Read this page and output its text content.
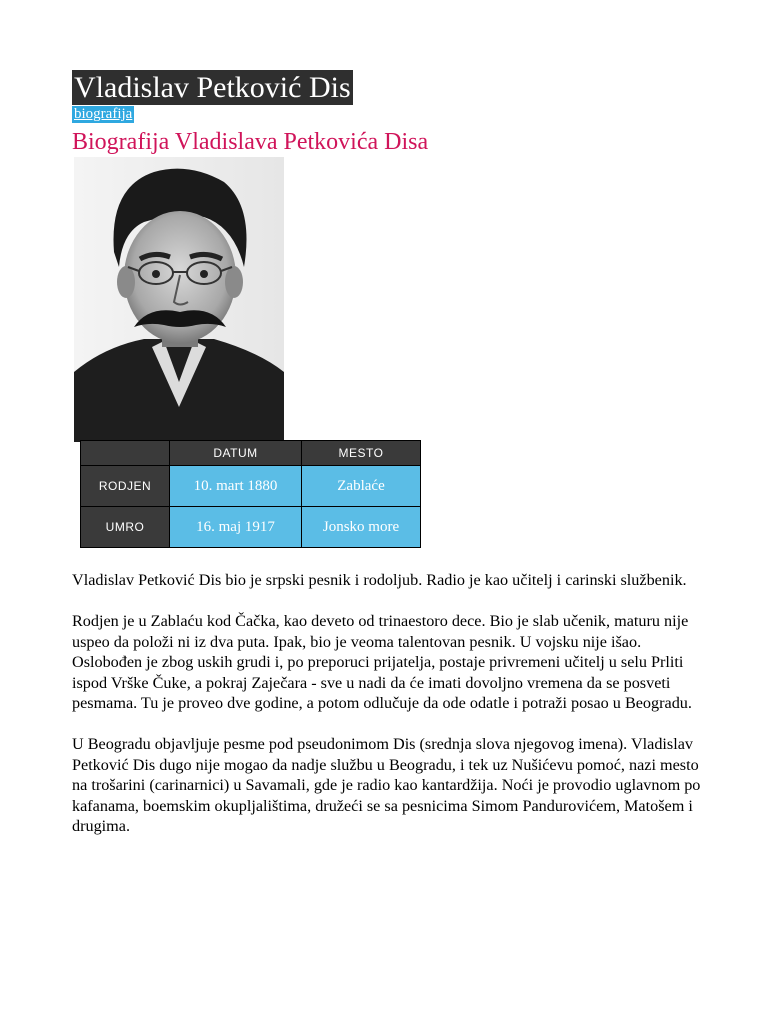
Vladislav Petković Dis
biografija
Biografija Vladislava Petkovića Disa
	DATUM	MESTO
RODJEN	10. mart 1880	Zablaće
UMRO	16. maj 1917	Jonsko more

Vladislav Petković Dis bio je srpski pesnik i rodoljub. Radio je kao učitelj i carinski službenik.

Rodjen je u Zablaću kod Čačka, kao deveto od trinaestoro dece. Bio je slab učenik, maturu nije uspeo da položi ni iz dva puta. Ipak, bio je veoma talentovan pesnik. U vojsku nije išao. Oslobođen je zbog uskih grudi i, po preporuci prijatelja, postaje privremeni učitelj u selu Prliti ispod Vrške Čuke, a pokraj Zaječara - sve u nadi da će imati dovoljno vremena da se posveti pesmama. Tu je proveo dve godine, a potom odlučuje da ode odatle i potraži posao u Beogradu.

U Beogradu objavljuje pesme pod pseudonimom Dis (srednja slova njegovog imena). Vladislav Petković Dis dugo nije mogao da nadje službu u Beogradu, i tek uz Nušićevu pomoć, nazi mesto na trošarini (carinarnici) u Savamali, gde je radio kao kantardžija. Noći je provodio uglavnom po kafanama, boemskim okupljalištima, družeći se sa pesnicima Simom Pandurovićem, Matošem i drugima.
